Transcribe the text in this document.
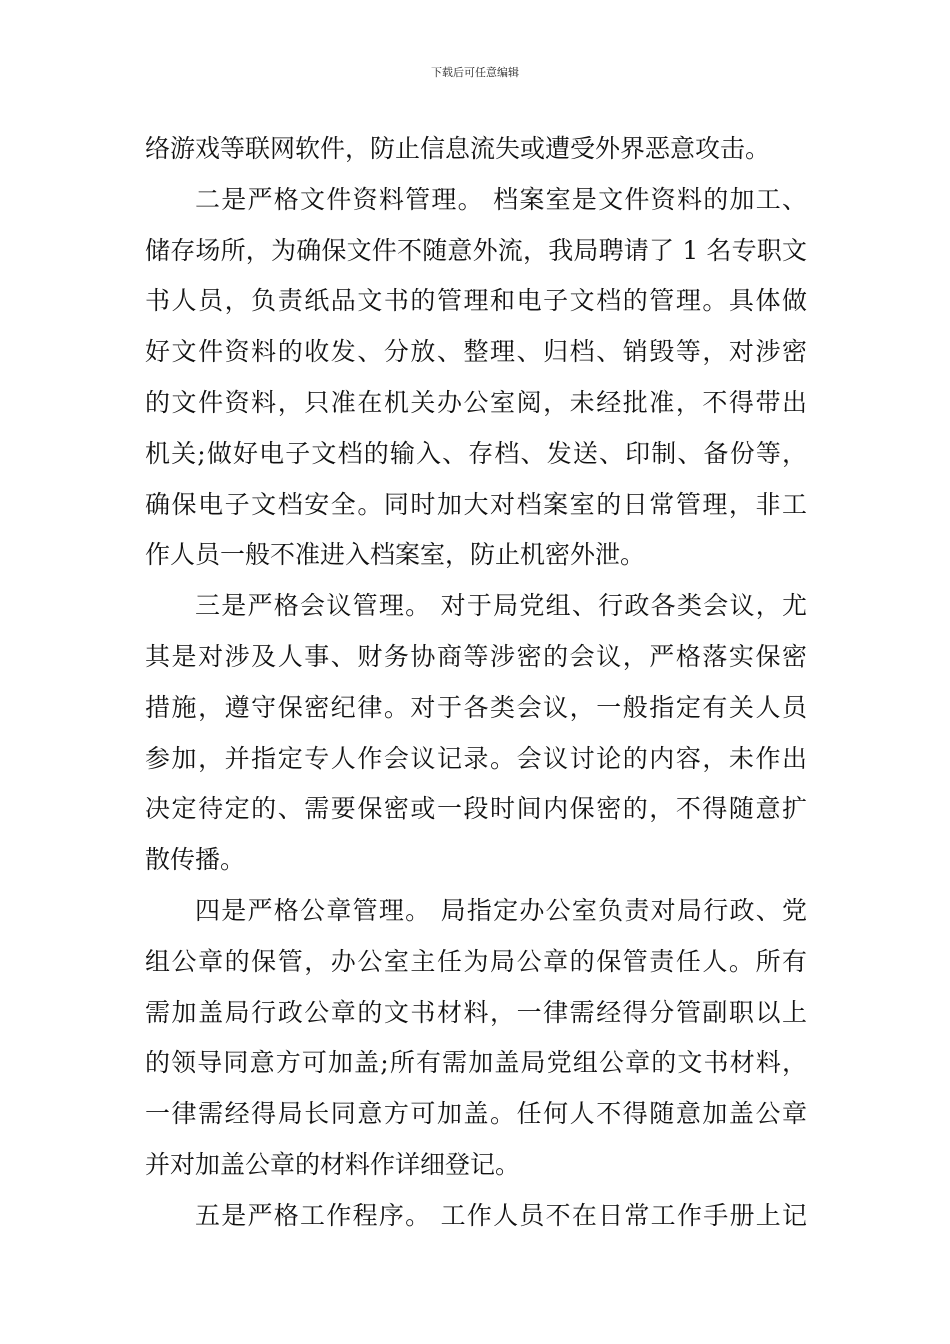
下载后可任意编辑
络游戏等联网软件，防止信息流失或遭受外界恶意攻击。
二是严格文件资料管理。 档案室是文件资料的加工、
储存场所，为确保文件不随意外流，我局聘请了 1 名专职文
书人员，负责纸品文书的管理和电子文档的管理。具体做
好文件资料的收发、分放、整理、归档、销毁等，对涉密
的文件资料，只准在机关办公室阅，未经批准，不得带出
机关;做好电子文档的输入、存档、发送、印制、备份等，
确保电子文档安全。同时加大对档案室的日常管理，非工
作人员一般不准进入档案室，防止机密外泄。
三是严格会议管理。 对于局党组、行政各类会议，尤
其是对涉及人事、财务协商等涉密的会议，严格落实保密
措施，遵守保密纪律。对于各类会议，一般指定有关人员
参加，并指定专人作会议记录。会议讨论的内容，未作出
决定待定的、需要保密或一段时间内保密的，不得随意扩
散传播。
四是严格公章管理。 局指定办公室负责对局行政、党
组公章的保管，办公室主任为局公章的保管责任人。所有
需加盖局行政公章的文书材料，一律需经得分管副职以上
的领导同意方可加盖;所有需加盖局党组公章的文书材料，
一律需经得局长同意方可加盖。任何人不得随意加盖公章
并对加盖公章的材料作详细登记。
五是严格工作程序。 工作人员不在日常工作手册上记
